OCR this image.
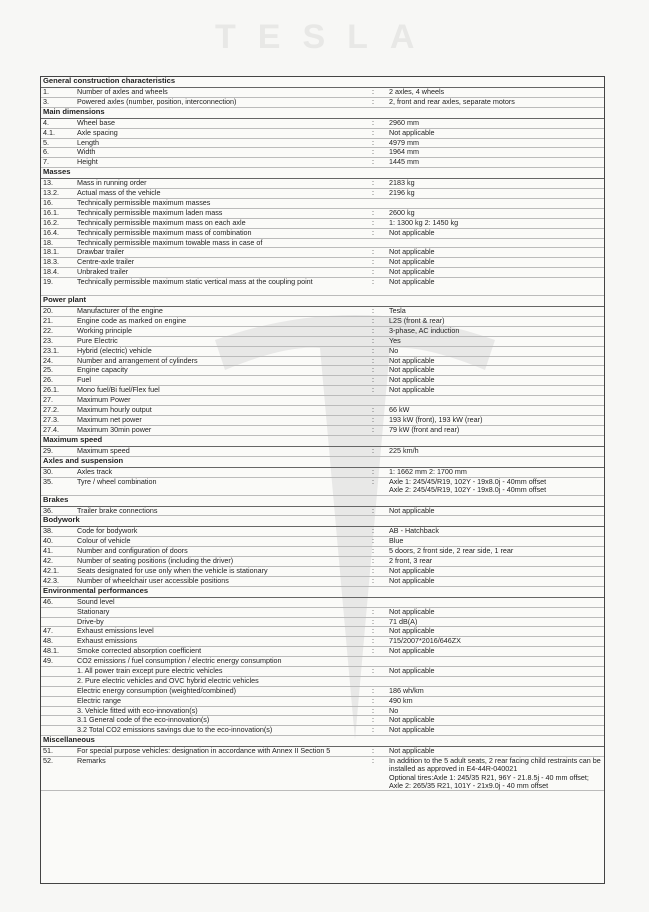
TESLA
General construction characteristics			
1.	Number of axles and wheels	:	2 axles, 4 wheels

3.	Powered axles (number, position, interconnection)	:	2, front and rear axles, separate motors

Main dimensions			
4.	Wheel base	:	2960 mm

4.1.	Axle spacing	:	Not applicable

5.	Length	:	4979 mm

6.	Width	:	1964 mm

7.	Height	:	1445 mm

Masses			
13.	Mass in running order	:	2183 kg

13.2.	Actual mass of the vehicle	:	2196 kg

16.	Technically permissible maximum masses		

16.1.	Technically permissible maximum laden mass	:	2600 kg

16.2.	Technically permissible maximum mass on each axle	:	1: 1300 kg 2: 1450 kg

16.4.	Technically permissible maximum mass of combination	:	Not applicable

18.	Technically permissible maximum towable mass in case of		

18.1.	Drawbar trailer	:	Not applicable

18.3.	Centre-axle trailer	:	Not applicable

18.4.	Unbraked trailer	:	Not applicable

19.	Technically permissible maximum static vertical mass at the coupling point	:	Not applicable

Power plant			
20.	Manufacturer of the engine	:	Tesla

21.	Engine code as marked on engine	:	L2S (front & rear)

22.	Working principle	:	3-phase, AC induction

23.	Pure Electric	:	Yes

23.1.	Hybrid (electric) vehicle	:	No

24.	Number and arrangement of cylinders	:	Not applicable

25.	Engine capacity	:	Not applicable

26.	Fuel	:	Not applicable

26.1.	Mono fuel/Bi fuel/Flex fuel	:	Not applicable

27.	Maximum Power		

27.2.	Maximum hourly output	:	66 kW

27.3.	Maximum net power	:	193 kW (front), 193 kW (rear)

27.4.	Maximum 30min power	:	79 kW (front and rear)

Maximum speed			
29.	Maximum speed	:	225 km/h

Axles and suspension			
30.	Axles track	:	1: 1662 mm 2: 1700 mm

35.	Tyre / wheel combination	:	Axle 1: 245/45/R19, 102Y - 19x8.0j - 40mm offset
Axle 2: 245/45/R19, 102Y - 19x8.0j - 40mm offset

Brakes			
36.	Trailer brake connections	:	Not applicable

Bodywork			
38.	Code for bodywork	:	AB - Hatchback

40.	Colour of vehicle	:	Blue

41.	Number and configuration of doors	:	5 doors, 2 front side, 2 rear side, 1 rear

42.	Number of seating positions (including the driver)	:	2 front, 3 rear

42.1.	Seats designated for use only when the vehicle is stationary	:	Not applicable

42.3.	Number of wheelchair user accessible positions	:	Not applicable

Environmental performances			
46.	Sound level		

	Stationary	:	Not applicable

	Drive-by	:	71 dB(A)

47.	Exhaust emissions level	:	Not applicable

48.	Exhaust emissions	:	715/2007*2016/646ZX

48.1.	Smoke corrected absorption coefficient	:	Not applicable

49.	CO2 emissions / fuel consumption / electric energy consumption		

	1. All power train except pure electric vehicles	:	Not applicable

	2. Pure electric vehicles and OVC hybrid electric vehicles		

	Electric energy consumption (weighted/combined)	:	186 wh/km

	Electric range	:	490 km

	3. Vehicle fitted with eco-innovation(s)	:	No

	3.1 General code of the eco-innovation(s)	:	Not applicable

	3.2 Total CO2 emissions savings due to the eco-innovation(s)	:	Not applicable

Miscellaneous			
51.	For special purpose vehicles: designation in accordance with Annex II Section 5	:	Not applicable

52.	Remarks	:	In addition to the 5 adult seats, 2 rear facing child restraints can be installed as approved in E4-44R-040021
Optional tires:Axle 1: 245/35 R21, 96Y - 21.8.5j - 40 mm offset; Axle 2: 265/35 R21, 101Y - 21x9.0j - 40 mm offset
